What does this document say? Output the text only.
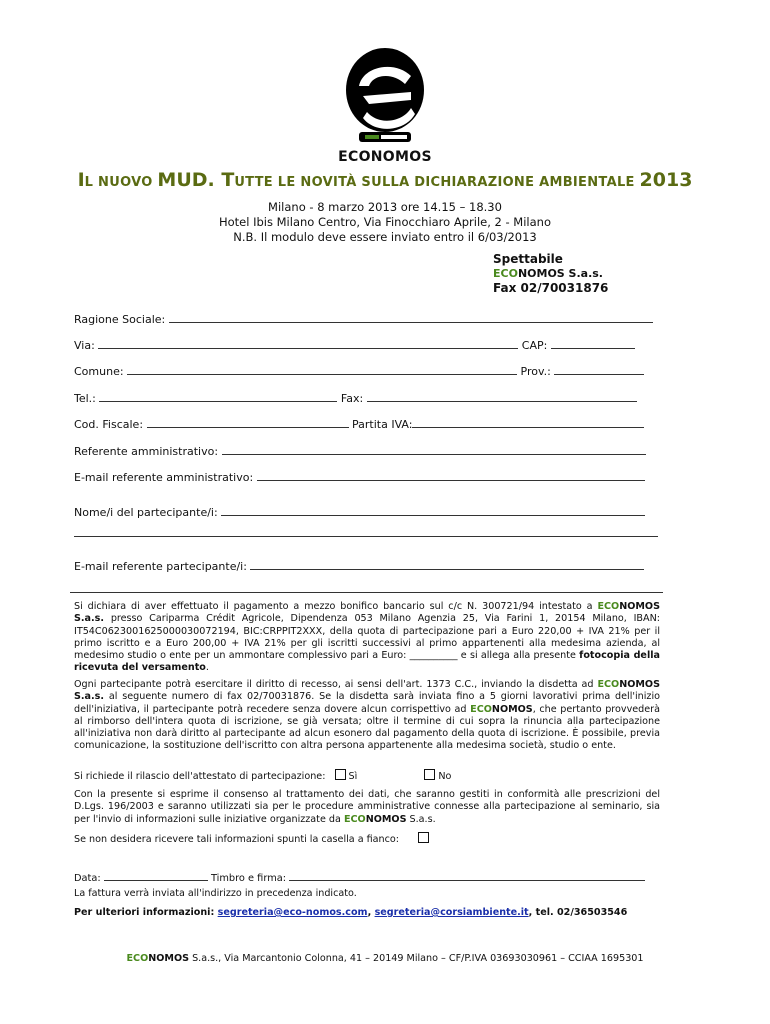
ECONOMOS
IL NUOVO MUD. TUTTE LE NOVITÀ SULLA DICHIARAZIONE AMBIENTALE 2013
Milano - 8 marzo 2013 ore 14.15 – 18.30
Hotel Ibis Milano Centro, Via Finocchiaro Aprile, 2 - Milano
N.B. Il modulo deve essere inviato entro il 6/03/2013
Spettabile
ECONOMOS S.a.s.
Fax 02/70031876
Ragione Sociale:
Via:	CAP:
Comune:	Prov.:
Tel.:	Fax:
Cod. Fiscale:	Partita IVA:
Referente amministrativo:
E-mail referente amministrativo:
Nome/i del partecipante/i:
E-mail referente partecipante/i:
Si dichiara di aver effettuato il pagamento a mezzo bonifico bancario sul c/c N. 300721/94 intestato a ECONOMOS S.a.s. presso Cariparma Crédit Agricole, Dipendenza 053 Milano Agenzia 25, Via Farini 1, 20154 Milano, IBAN: IT54C0623001625000030072194, BIC:CRPPIT2XXX, della quota di partecipazione pari a Euro 220,00 + IVA 21% per il primo iscritto e a Euro 200,00 + IVA 21% per gli iscritti successivi al primo appartenenti alla medesima azienda, al medesimo studio o ente per un ammontare complessivo pari a Euro: __________ e si allega alla presente fotocopia della ricevuta del versamento.
Ogni partecipante potrà esercitare il diritto di recesso, ai sensi dell'art. 1373 C.C., inviando la disdetta ad ECONOMOS S.a.s. al seguente numero di fax 02/70031876. Se la disdetta sarà inviata fino a 5 giorni lavorativi prima dell'inizio dell'iniziativa, il partecipante potrà recedere senza dovere alcun corrispettivo ad ECONOMOS, che pertanto provvederà al rimborso dell'intera quota di iscrizione, se già versata; oltre il termine di cui sopra la rinuncia alla partecipazione all'iniziativa non darà diritto al partecipante ad alcun esonero dal pagamento della quota di iscrizione. È possibile, previa comunicazione, la sostituzione dell'iscritto con altra persona appartenente alla medesima società, studio o ente.
Si richiede il rilascio dell'attestato di partecipazione: Sì	No
Con la presente si esprime il consenso al trattamento dei dati, che saranno gestiti in conformità alle prescrizioni del D.Lgs. 196/2003 e saranno utilizzati sia per le procedure amministrative connesse alla partecipazione al seminario, sia per l'invio di informazioni sulle iniziative organizzate da ECONOMOS S.a.s.
Se non desidera ricevere tali informazioni spunti la casella a fianco:
Data:	Timbro e firma:
La fattura verrà inviata all'indirizzo in precedenza indicato.
Per ulteriori informazioni: segreteria@eco-nomos.com, segreteria@corsiambiente.it, tel. 02/36503546
ECONOMOS S.a.s., Via Marcantonio Colonna, 41 – 20149 Milano – CF/P.IVA 03693030961 – CCIAA 1695301
